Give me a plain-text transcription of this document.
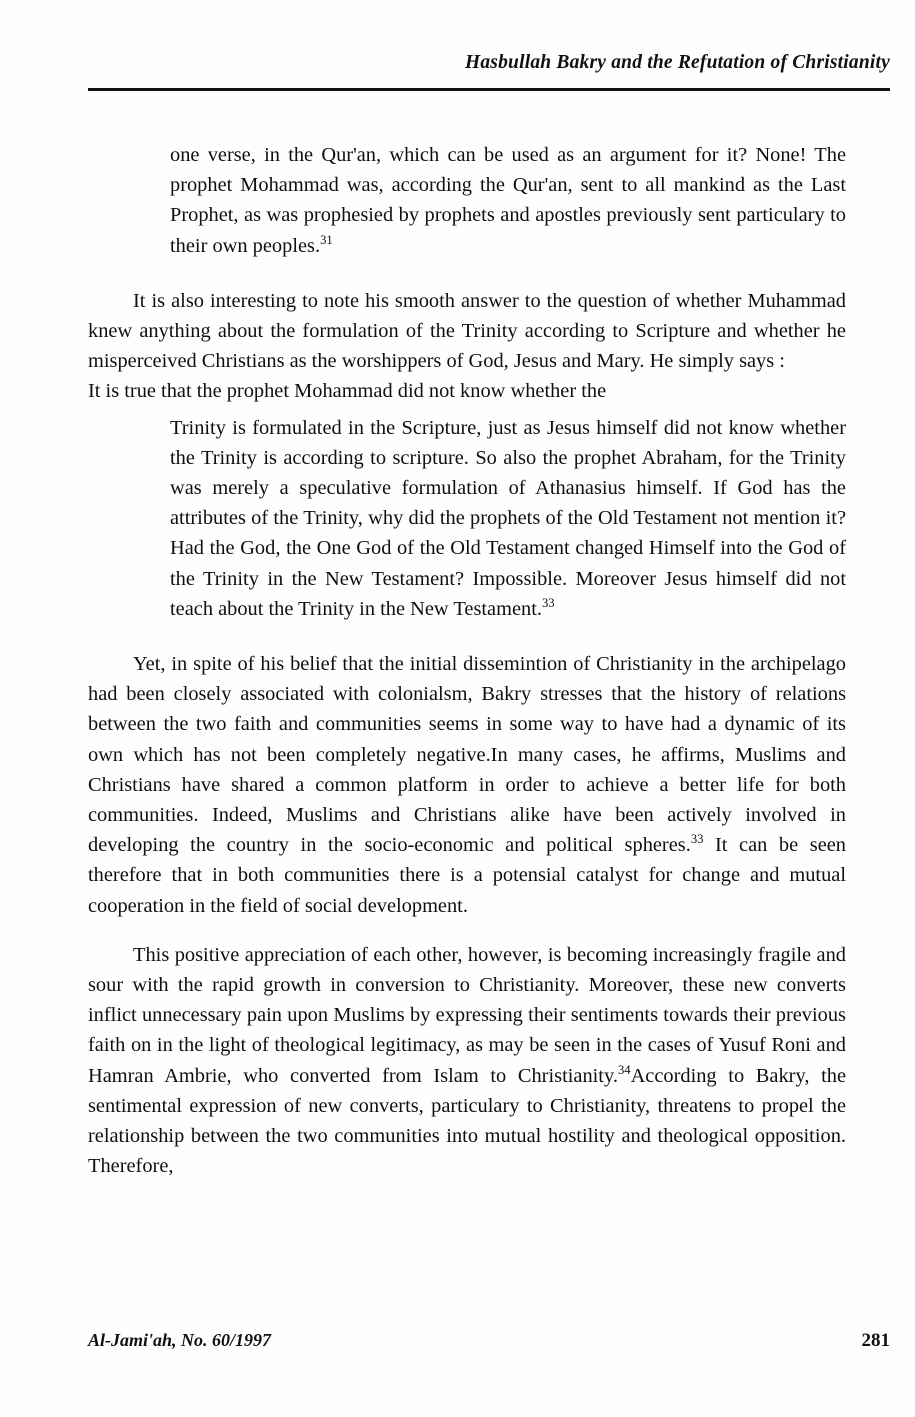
Hasbullah Bakry and the Refutation of Christianity

one verse, in the Qur'an, which can be used as an argument for it? None! The prophet Mohammad was, according the Qur'an, sent to all mankind as the Last Prophet, as was prophesied by prophets and apostles previously sent particulary to their own peoples.$^{31}$

It is also interesting to note his smooth answer to the question of whether Muhammad knew anything about the formulation of the Trinity according to Scripture and whether he misperceived Christians as the worshippers of God, Jesus and Mary. He simply says :

It is true that the prophet Mohammad did not know whether the

Trinity is formulated in the Scripture, just as Jesus himself did not know whether the Trinity is according to scripture. So also the prophet Abraham, for the Trinity was merely a speculative formulation of Athanasius himself. If God has the attributes of the Trinity, why did the prophets of the Old Testament not mention it? Had the God, the One God of the Old Testament changed Himself into the God of the Trinity in the New Testament? Impossible. Moreover Jesus himself did not teach about the Trinity in the New Testament.$^{33}$

Yet, in spite of his belief that the initial dissemintion of Christianity in the archipelago had been closely associated with colonialsm, Bakry stresses that the history of relations between the two faith and communities seems in some way to have had a dynamic of its own which has not been completely negative.In many cases, he affirms, Muslims and Christians have shared a common platform in order to achieve a better life for both communities. Indeed, Muslims and Christians alike have been actively involved in developing the country in the socio-economic and political spheres.$^{33}$ It can be seen therefore that in both communities there is a potensial catalyst for change and mutual cooperation in the field of social development.

This positive appreciation of each other, however, is becoming increasingly fragile and sour with the rapid growth in conversion to Christianity. Moreover, these new converts inflict unnecessary pain upon Muslims by expressing their sentiments towards their previous faith on in the light of theological legitimacy, as may be seen in the cases of Yusuf Roni and Hamran Ambrie, who converted from Islam to Christianity.$^{34}$According to Bakry, the sentimental expression of new converts, particulary to Christianity, threatens to propel the relationship between the two communities into mutual hostility and theological opposition. Therefore,

Al-Jami'ah, No. 60/1997	281
